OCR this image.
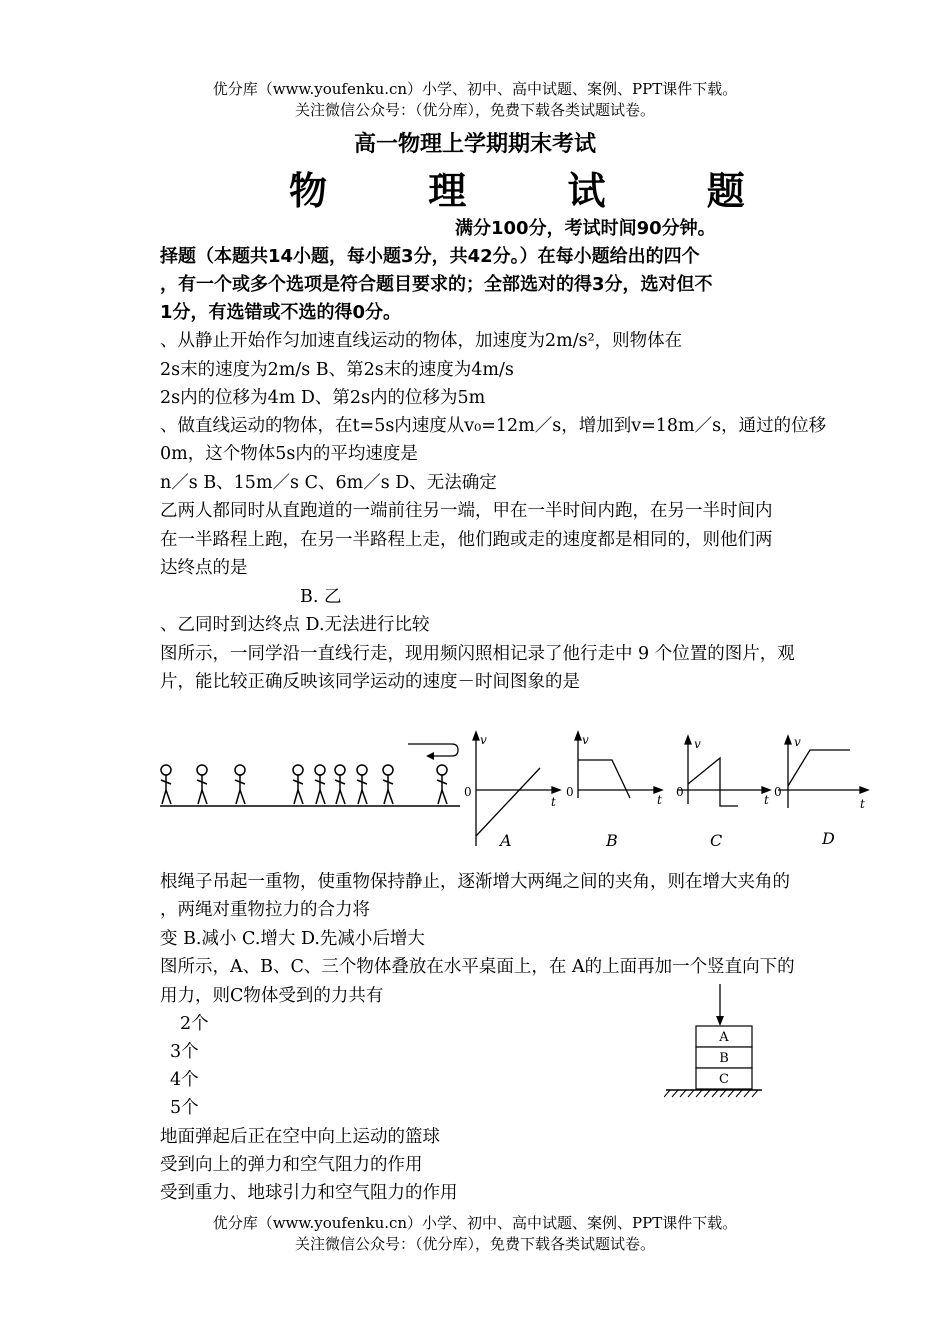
优分库（www.youfenku.cn）小学、初中、高中试题、案例、PPT课件下载。
关注微信公众号：（优分库），免费下载各类试题试卷。
高一物理上学期期末考试
物 理 试 题
满分100分，考试时间90分钟。
择题（本题共14小题，每小题3分，共42分。）在每小题给出的四个
，有一个或多个选项是符合题目要求的；全部选对的得3分，选对但不
1分，有选错或不选的得0分。
、从静止开始作匀加速直线运动的物体，加速度为2m/s²，则物体在
2s末的速度为2m/s B、第2s末的速度为4m/s
2s内的位移为4m D、第2s内的位移为5m
、做直线运动的物体，在t=5s内速度从v₀=12m／s，增加到v=18m／s，通过的位移
0m，这个物体5s内的平均速度是
n／s B、15m／s C、6m／s D、无法确定
乙两人都同时从直跑道的一端前往另一端，甲在一半时间内跑，在另一半时间内
在一半路程上跑，在另一半路程上走，他们跑或走的速度都是相同的，则他们两
达终点的是
B. 乙
、乙同时到达终点 D.无法进行比较
图所示，一同学沿一直线行走，现用频闪照相记录了他行走中 9 个位置的图片，观
片，能比较正确反映该同学运动的速度－时间图象的是
v
0
t
A
v
0
t
B
v
0
t
C
v
0
t
D
根绳子吊起一重物，使重物保持静止，逐渐增大两绳之间的夹角，则在增大夹角的
，两绳对重物拉力的合力将
变 B.减小 C.增大 D.先减小后增大
图所示，A、B、C、三个物体叠放在水平桌面上，在 A的上面再加一个竖直向下的
用力，则C物体受到的力共有
2个
3个
4个
5个
A
B
C
地面弹起后正在空中向上运动的篮球
受到向上的弹力和空气阻力的作用
受到重力、地球引力和空气阻力的作用
优分库（www.youfenku.cn）小学、初中、高中试题、案例、PPT课件下载。
关注微信公众号：（优分库），免费下载各类试题试卷。
